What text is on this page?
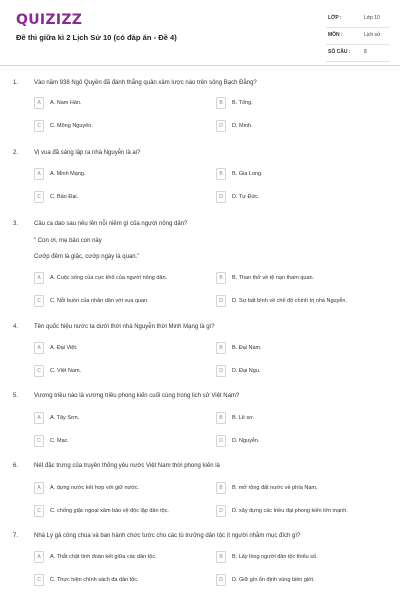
QUIZIZZ
Đề thi giữa kì 2 Lịch Sử 10 (có đáp án - Đề 4)
LỚP :	Lớp 10
MÔN :	Lịch sử
SỐ CÂU :	8
1.	Vào năm 938 Ngô Quyền đã đánh thắng quân xâm lược nào trên sông Bạch Đằng?
A	A. Nam Hán.	B	B. Tống.
C	C. Mông Nguyên.	D	D. Minh.
2.	Vị vua đã sáng lập ra nhà Nguyễn là ai?
A	A. Minh Mạng.	B	B. Gia Long.
C	C. Bảo Đại.	D	D. Tự Đức.
3.	Câu ca dao sau nêu lên nỗi niềm gì của người nông dân?
" Con ơi, mẹ bảo con này
Cướp đêm là giặc, cướp ngày là quan."
A	A. Cuộc sống của cực khổ của người nông dân.	B	B. Than thở về tệ nạn tham quan.
C	C. Nỗi buồn của nhân dân với vua quan.	D	D. Sự bất bình về chế độ chính trị nhà Nguyễn.
4.	Tên quốc hiệu nước ta dưới thời nhà Nguyễn thời Minh Mạng là gì?
A	A. Đại Việt.	B	B. Đại Nam.
C	C. Việt Nam.	D	D. Đại Ngu.
5.	Vương triều nào là vương triều phong kiến cuối cùng trong lịch sử Việt Nam?
A	A. Tây Sơn.	B	B. Lê sơ.
C	C. Mạc.	D	D. Nguyễn.
6.	Nét đặc trưng của truyền thống yêu nước Việt Nam thời phong kiến là
A	A. dựng nước kết hợp với giữ nước.	B	B. mở rộng đất nước về phía Nam.
C	C. chống giặc ngoại xâm bảo vệ độc lập dân tộc.	D	D. xây dựng các triều đại phong kiến lớn mạnh.
7.	Nhà Lý gả công chúa và ban hành chức tước cho các tù trưởng dân tộc ít người nhằm mục đích gì?
A	A. Thắt chặt tình đoàn kết giữa các dân tộc.	B	B. Lấy lòng người dân tộc thiểu số.
C	C. Thực hiện chính sách đa dân tộc.	D	D. Giữ gìn ổn định vùng biên giới.
